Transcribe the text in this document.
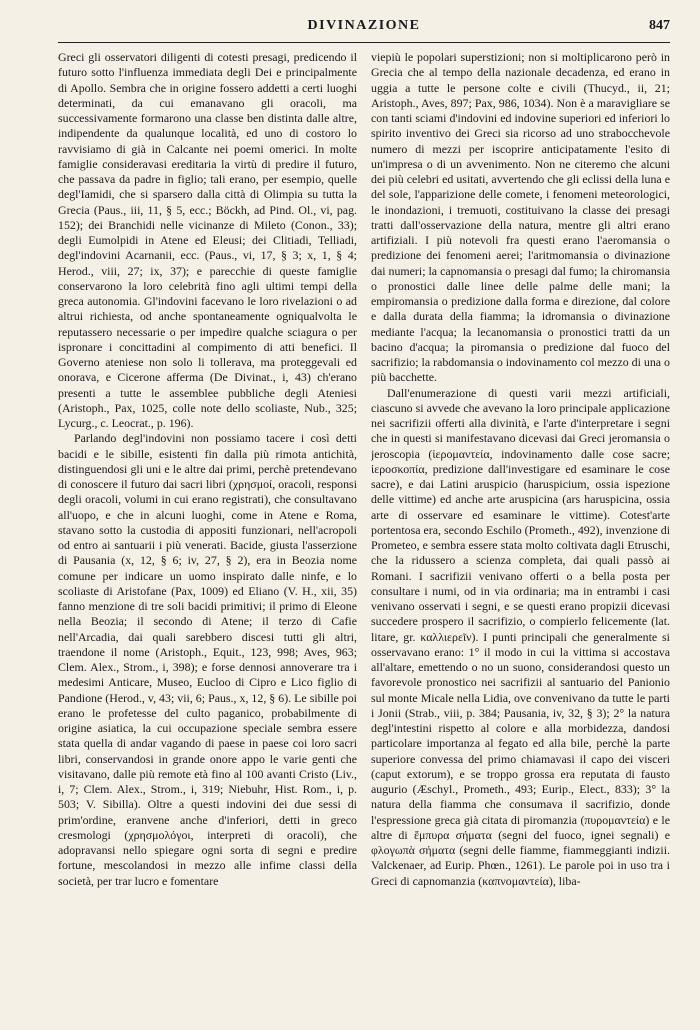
DIVINAZIONE	847

Greci gli osservatori diligenti di cotesti presagi, predicendo il futuro sotto l'influenza immediata degli Dei e principalmente di Apollo. Sembra che in origine fossero addetti a certi luoghi determinati, da cui emanavano gli oracoli, ma successivamente formarono una classe ben distinta dalle altre, indipendente da qualunque località, ed uno di costoro lo ravvisiamo di già in Calcante nei poemi omerici. In molte famiglie consideravasi ereditaria la virtù di predire il futuro, che passava da padre in figlio; tali erano, per esempio, quelle degl'Iamidi, che si sparsero dalla città di Olimpia su tutta la Grecia (Paus., iii, 11, § 5, ecc.; Böckh, ad Pind. Ol., vi, pag. 152); dei Branchidi nelle vicinanze di Mileto (Conon., 33); degli Eumolpidi in Atene ed Eleusi; dei Clitiadi, Telliadi, degl'indovini Acarnanii, ecc. (Paus., vi, 17, § 3; x, 1, § 4; Herod., viii, 27; ix, 37); e parecchie di queste famiglie conservarono la loro celebrità fino agli ultimi tempi della greca autonomia. Gl'indovini facevano le loro rivelazioni o ad altrui richiesta, od anche spontaneamente ogniqualvolta le reputassero necessarie o per impedire qualche sciagura o per ispronare i concittadini al compimento di atti benefici. Il Governo ateniese non solo li tollerava, ma proteggevali ed onorava, e Cicerone afferma (De Divinat., i, 43) ch'erano presenti a tutte le assemblee pubbliche degli Ateniesi (Aristoph., Pax, 1025, colle note dello scoliaste, Nub., 325; Lycurg., c. Leocrat., p. 196).

Parlando degl'indovini non possiamo tacere i così detti bacidi e le sibille, esistenti fin dalla più rimota antichità, distinguendosi gli uni e le altre dai primi, perchè pretendevano di conoscere il futuro dai sacri libri (χρησμοί, oracoli, responsi degli oracoli, volumi in cui erano registrati), che consultavano all'uopo, e che in alcuni luoghi, come in Atene e Roma, stavano sotto la custodia di appositi funzionari, nell'acropoli od entro ai santuarii i più venerati. Bacide, giusta l'asserzione di Pausania (x, 12, § 6; iv, 27, § 2), era in Beozia nome comune per indicare un uomo inspirato dalle ninfe, e lo scoliaste di Aristofane (Pax, 1009) ed Eliano (V. H., xii, 35) fanno menzione di tre soli bacidi primitivi; il primo di Eleone nella Beozia; il secondo di Atene; il terzo di Cafie nell'Arcadia, dai quali sarebbero discesi tutti gli altri, traendone il nome (Aristoph., Equit., 123, 998; Aves, 963; Clem. Alex., Strom., i, 398); e forse dennosi annoverare tra i medesimi Anticare, Museo, Eucloo di Cipro e Lico figlio di Pandione (Herod., v, 43; vii, 6; Paus., x, 12, § 6). Le sibille poi erano le profetesse del culto paganico, probabilmente di origine asiatica, la cui occupazione speciale sembra essere stata quella di andar vagando di paese in paese coi loro sacri libri, conservandosi in grande onore appo le varie genti che visitavano, dalle più remote età fino al 100 avanti Cristo (Liv., i, 7; Clem. Alex., Strom., i, 319; Niebuhr, Hist. Rom., i, p. 503; V. Sibilla). Oltre a questi indovini dei due sessi di prim'ordine, eranvene anche d'inferiori, detti in greco cresmologi (χρησμολόγοι, interpreti di oracoli), che adopravansi nello spiegare ogni sorta di segni e predire fortune, mescolandosi in mezzo alle infime classi della società, per trar lucro e fomentare

viepiù le popolari superstizioni; non si moltiplicarono però in Grecia che al tempo della nazionale decadenza, ed erano in uggia a tutte le persone colte e civili (Thucyd., ii, 21; Aristoph., Aves, 897; Pax, 986, 1034). Non è a maravigliare se con tanti sciami d'indovini ed indovine superiori ed inferiori lo spirito inventivo dei Greci sia ricorso ad uno strabocchevole numero di mezzi per iscoprire anticipatamente l'esito di un'impresa o di un avvenimento. Non ne citeremo che alcuni dei più celebri ed usitati, avvertendo che gli eclissi della luna e del sole, l'apparizione delle comete, i fenomeni meteorologici, le inondazioni, i tremuoti, costituivano la classe dei presagi tratti dall'osservazione della natura, mentre gli altri erano artifiziali. I più notevoli fra questi erano l'aeromansia o predizione dei fenomeni aerei; l'aritmomansia o divinazione dai numeri; la capnomansia o presagi dal fumo; la chiromansia o pronostici dalle linee delle palme delle mani; la empiromansia o predizione dalla forma e direzione, dal colore e dalla durata della fiamma; la idromansia o divinazione mediante l'acqua; la lecanomansia o pronostici tratti da un bacino d'acqua; la piromansia o predizione dal fuoco del sacrifizio; la rabdomansia o indovinamento col mezzo di una o più bacchette.

Dall'enumerazione di questi varii mezzi artificiali, ciascuno si avvede che avevano la loro principale applicazione nei sacrifizii offerti alla divinità, e l'arte d'interpretare i segni che in questi si manifestavano dicevasi dai Greci jeromansia o jeroscopia (ἱερομαντεία, indovinamento dalle cose sacre; ἱεροσκοπία, predizione dall'investigare ed esaminare le cose sacre), e dai Latini aruspicio (haruspicium, ossia ispezione delle vittime) ed anche arte aruspicina (ars haruspicina, ossia arte di osservare ed esaminare le vittime). Cotest'arte portentosa era, secondo Eschilo (Prometh., 492), invenzione di Prometeo, e sembra essere stata molto coltivata dagli Etruschi, che la ridussero a scienza completa, dai quali passò ai Romani. I sacrifizii venivano offerti o a bella posta per consultare i numi, od in via ordinaria; ma in entrambi i casi venivano osservati i segni, e se questi erano propizii dicevasi succedere prospero il sacrifizio, o compierlo felicemente (lat. litare, gr. καλλιερεῖν). I punti principali che generalmente si osservavano erano: 1° il modo in cui la vittima si accostava all'altare, emettendo o no un suono, considerandosi questo un favorevole pronostico nei sacrifizii al santuario del Panionio sul monte Micale nella Lidia, ove convenivano da tutte le parti i Jonii (Strab., viii, p. 384; Pausania, iv, 32, § 3); 2° la natura degl'intestini rispetto al colore e alla morbidezza, dandosi particolare importanza al fegato ed alla bile, perchè la parte superiore convessa del primo chiamavasi il capo dei visceri (caput extorum), e se troppo grossa era reputata di fausto augurio (Æschyl., Prometh., 493; Eurip., Elect., 833); 3° la natura della fiamma che consumava il sacrifizio, donde l'espressione greca già citata di piromanzia (πυρομαντεία) e le altre di ἔμπυρα σήματα (segni del fuoco, ignei segnali) e φλογωπὰ σήματα (segni delle fiamme, fiammeggianti indizii. Valckenaer, ad Eurip. Phœn., 1261). Le parole poi in uso tra i Greci di capnomanzia (καπνομαντεία), liba-
